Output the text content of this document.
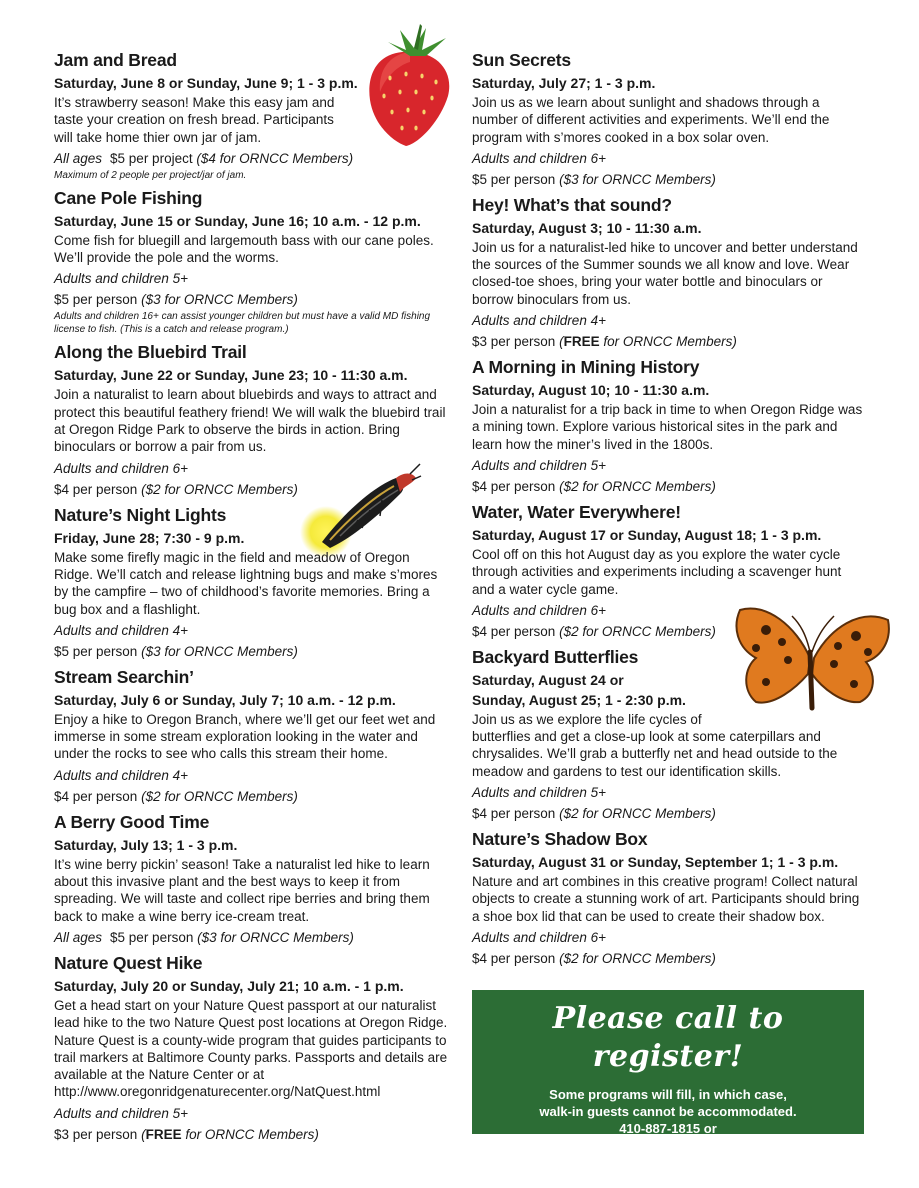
Jam and Bread
Saturday, June 8 or Sunday, June 9; 1 - 3 p.m.
It’s strawberry season! Make this easy jam and taste your creation on fresh bread. Participants will take home thier own jar of jam.
All ages $5 per project ($4 for ORNCC Members)
Maximum of 2 people per project/jar of jam.
Cane Pole Fishing
Saturday, June 15 or Sunday, June 16; 10 a.m. - 12 p.m.
Come fish for bluegill and largemouth bass with our cane poles. We’ll provide the pole and the worms.
Adults and children 5+
$5 per person ($3 for ORNCC Members)
Adults and children 16+ can assist younger children but must have a valid MD fishing license to fish. (This is a catch and release program.)
Along the Bluebird Trail
Saturday, June 22 or Sunday, June 23; 10 - 11:30 a.m.
Join a naturalist to learn about bluebirds and ways to attract and protect this beautiful feathery friend! We will walk the bluebird trail at Oregon Ridge Park to observe the birds in action. Bring binoculars or borrow a pair from us.
Adults and children 6+
$4 per person ($2 for ORNCC Members)
Nature’s Night Lights
Friday, June 28; 7:30 - 9 p.m.
Make some firefly magic in the field and meadow of Oregon Ridge. We’ll catch and release lightning bugs and make s’mores by the campfire – two of childhood’s favorite memories. Bring a bug box and a flashlight.
Adults and children 4+
$5 per person ($3 for ORNCC Members)
Stream Searchin’
Saturday, July 6 or Sunday, July 7; 10 a.m. - 12 p.m.
Enjoy a hike to Oregon Branch, where we’ll get our feet wet and immerse in some stream exploration looking in the water and under the rocks to see who calls this stream their home.
Adults and children 4+
$4 per person ($2 for ORNCC Members)
A Berry Good Time
Saturday, July 13; 1 - 3 p.m.
It’s wine berry pickin’ season! Take a naturalist led hike to learn about this invasive plant and the best ways to keep it from spreading. We will taste and collect ripe berries and bring them back to make a wine berry ice-cream treat.
All ages $5 per person ($3 for ORNCC Members)
Nature Quest Hike
Saturday, July 20 or Sunday, July 21; 10 a.m. - 1 p.m.
Get a head start on your Nature Quest passport at our naturalist lead hike to the two Nature Quest post locations at Oregon Ridge. Nature Quest is a county-wide program that guides participants to trail markers at Baltimore County parks. Passports and details are available at the Nature Center or at http://www.oregonridgenaturecenter.org/NatQuest.html
Adults and children 5+
$3 per person (FREE for ORNCC Members)
Sun Secrets
Saturday, July 27; 1 - 3 p.m.
Join us as we learn about sunlight and shadows through a number of different activities and experiments. We’ll end the program with s’mores cooked in a box solar oven.
Adults and children 6+
$5 per person ($3 for ORNCC Members)
Hey! What’s that sound?
Saturday, August 3; 10 - 11:30 a.m.
Join us for a naturalist-led hike to uncover and better understand the sources of the Summer sounds we all know and love. Wear closed-toe shoes, bring your water bottle and binoculars or borrow binoculars from us.
Adults and children 4+
$3 per person (FREE for ORNCC Members)
A Morning in Mining History
Saturday, August 10; 10 - 11:30 a.m.
Join a naturalist for a trip back in time to when Oregon Ridge was a mining town. Explore various historical sites in the park and learn how the miner’s lived in the 1800s.
Adults and children 5+
$4 per person ($2 for ORNCC Members)
Water, Water Everywhere!
Saturday, August 17 or Sunday, August 18; 1 - 3 p.m.
Cool off on this hot August day as you explore the water cycle through activities and experiments including a scavenger hunt and a water cycle game.
Adults and children 6+
$4 per person ($2 for ORNCC Members)
Backyard Butterflies
Saturday, August 24 or
Sunday, August 25; 1 - 2:30 p.m.
Join us as we explore the life cycles of
butterflies and get a close-up look at some caterpillars and chrysalides. We’ll grab a butterfly net and head outside to the meadow and gardens to test our identification skills.
Adults and children 5+
$4 per person ($2 for ORNCC Members)
Nature’s Shadow Box
Saturday, August 31 or Sunday, September 1; 1 - 3 p.m.
Nature and art combines in this creative program! Collect natural objects to create a stunning work of art. Participants should bring a shoe box lid that can be used to create their shadow box.
Adults and children 6+
$4 per person ($2 for ORNCC Members)
Please call to register!
Some programs will fill, in which case,
walk-in guests cannot be accommodated.
410-887-1815 or
info@OregonRidgeNatureCenter.org
